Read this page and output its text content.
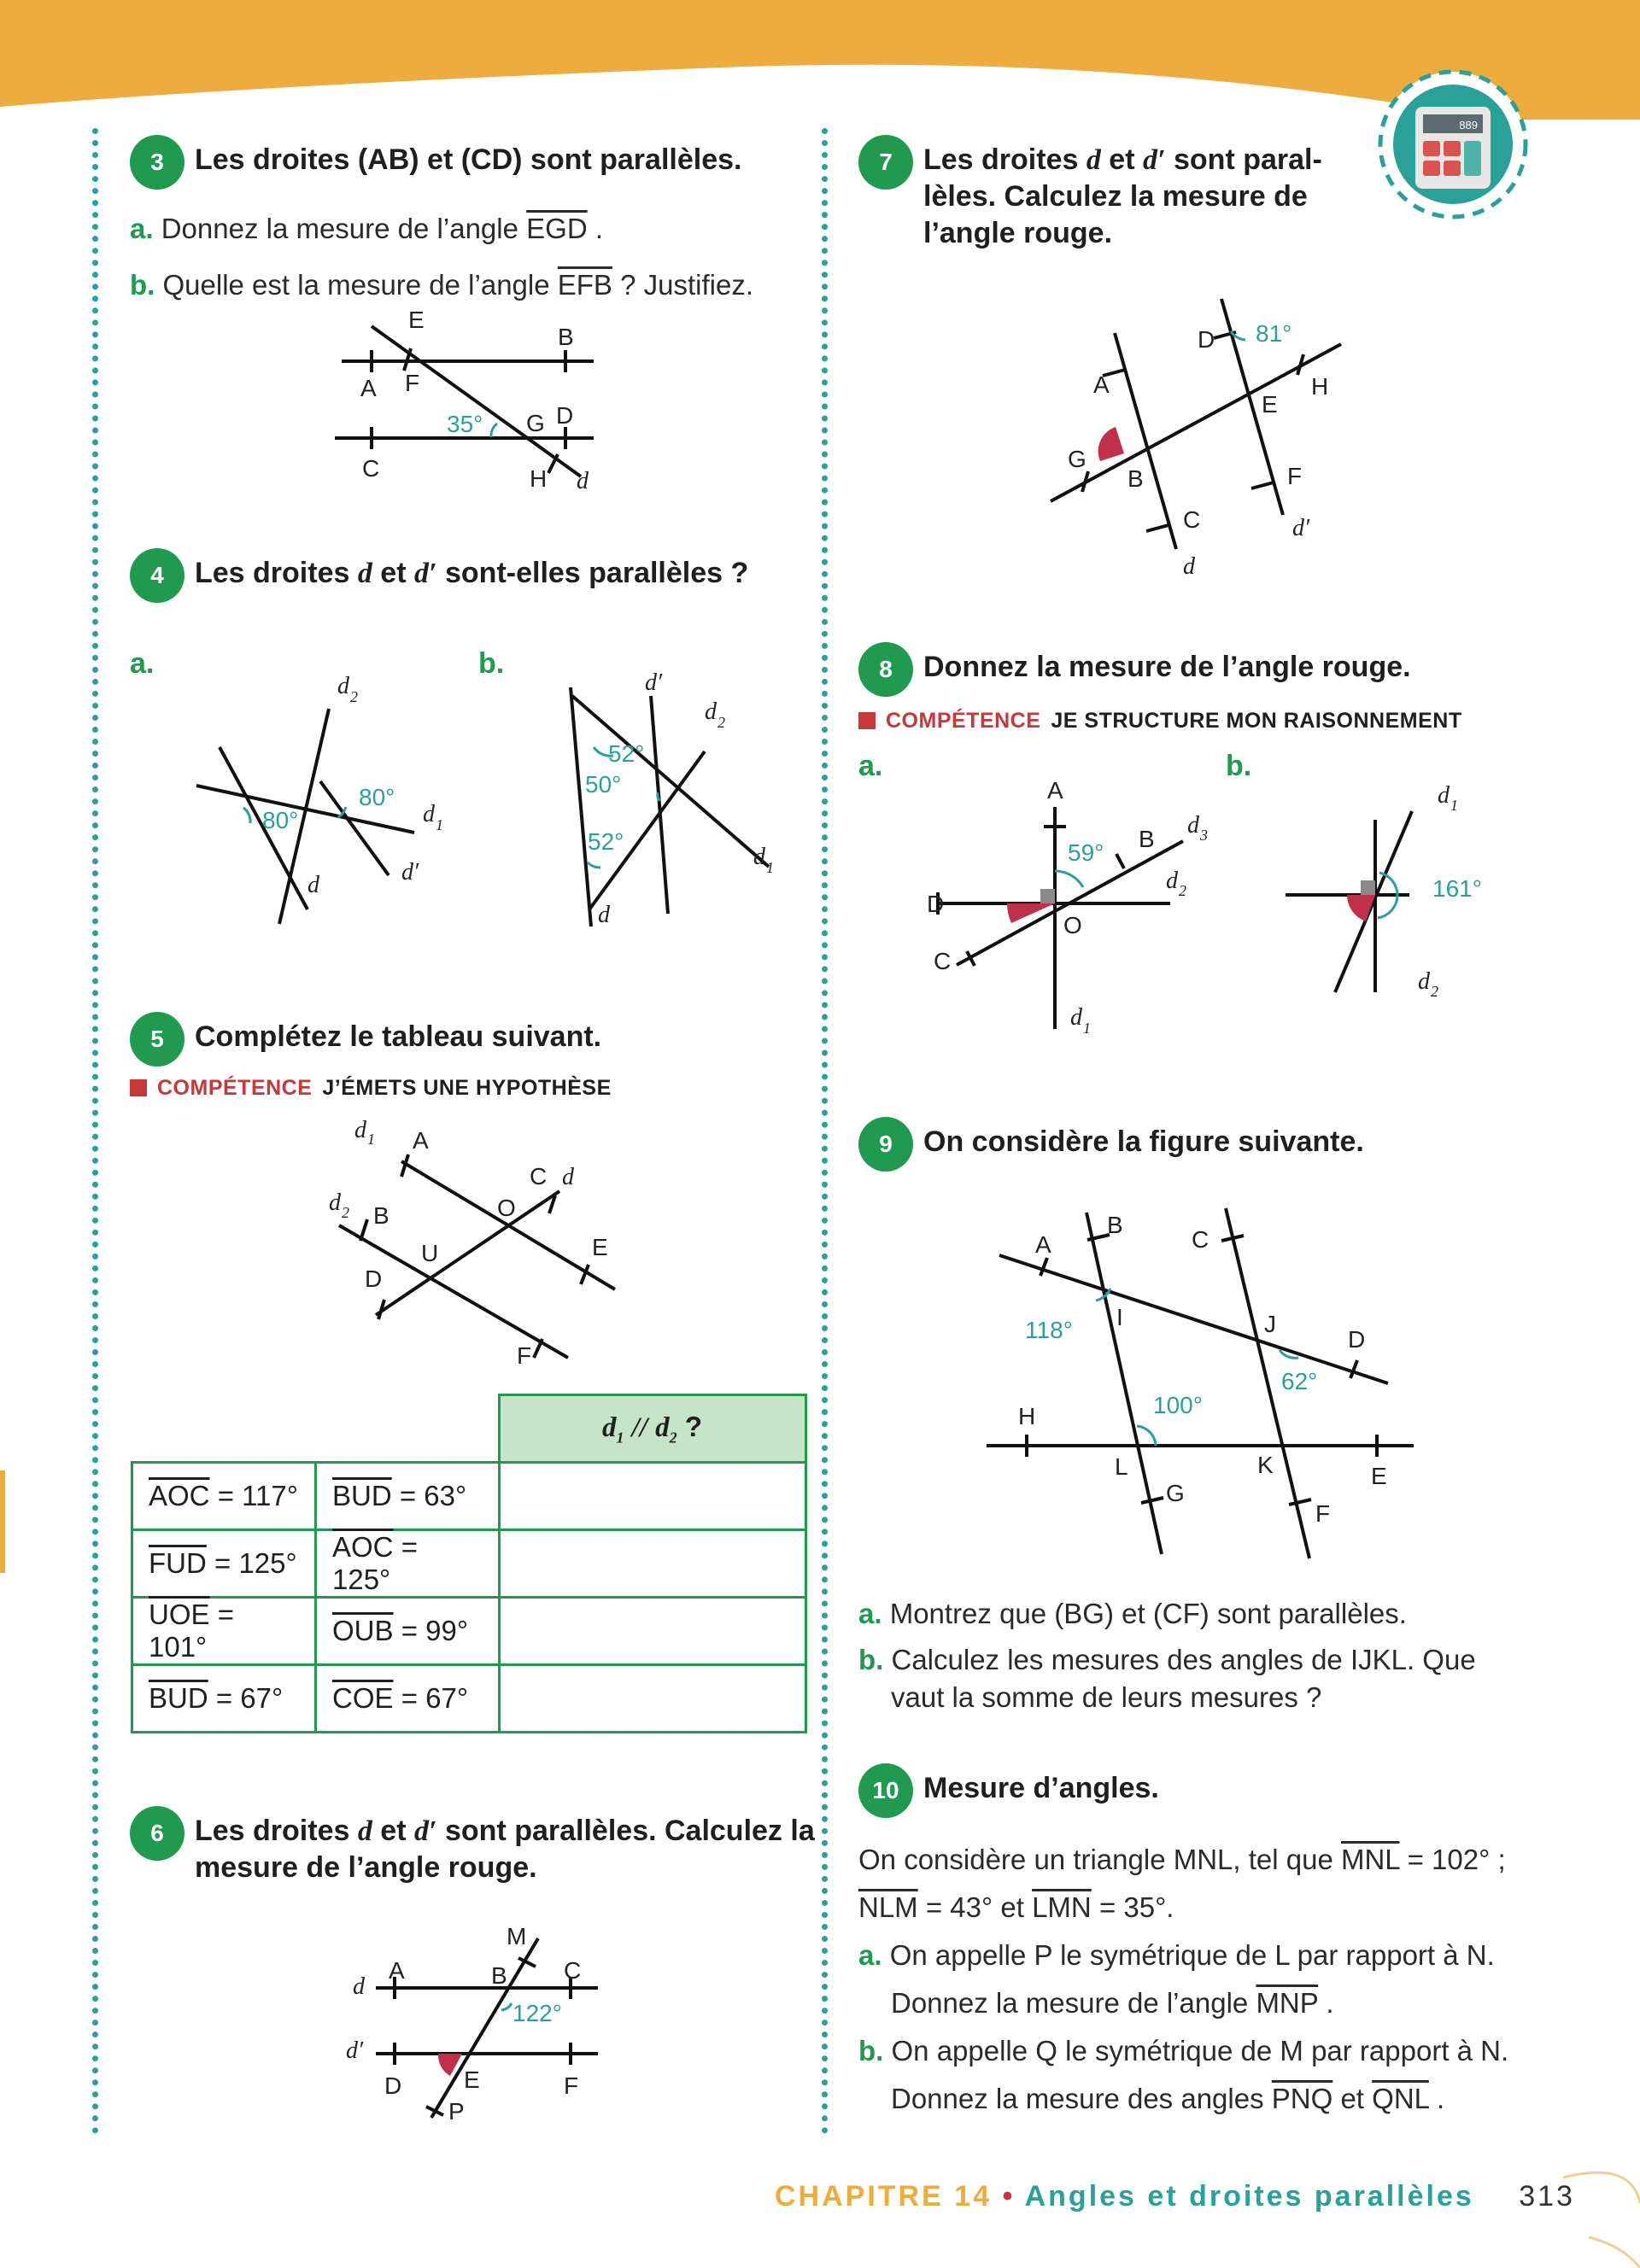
889
3	Les droites (AB) et (CD) sont parallèles.
a. Donnez la mesure de l’angle $\overline{EGD}$ .
b. Quelle est la mesure de l’angle $\overline{EFB}$ ? Justifiez.
E
B
A F
C
G D
H d
35°
4	Les droites d et d′ sont-elles parallèles ?
a.	b.
d 2
d 1
d	d′
80°
80°
d′
d 2
d 1
d
52°
50°
52°
5	Complétez le tableau suivant.
COMPÉTENCE J’ÉMETS UNE HYPOTHÈSE
d 1 A
C d
d 2 B	O
U	E
D
F
		$d_1 // d_2$ ?
$\overline{AOC} = 117^\circ$	$\overline{BUD} = 63^\circ$	
$\overline{FUD} = 125^\circ$	$\overline{AOC} = 125^\circ$	
$\overline{UOE} = 101^\circ$	$\overline{OUB} = 99^\circ$	
$\overline{BUD} = 67^\circ$	$\overline{COE} = 67^\circ$	
6	Les droites d et d′ sont parallèles. Calculez la
mesure de l’angle rouge.
M
A	B C
d
d′
D	E	F
P
122°
7	Les droites d et d′ sont paral-
lèles. Calculez la mesure de
l’angle rouge.
D 81°
A	H
E
G
B	F
C	d′
d
8	Donnez la mesure de l’angle rouge.
COMPÉTENCE JE STRUCTURE MON RAISONNEMENT
a.	b.
A
B
d 3
d 2
D
O
C
d 1
59°
d 1
d 2
161°
9	On considère la figure suivante.
A
B
C
I	J
D
H
L	K	E
G
F
118°
100°
62°
a. Montrez que (BG) et (CF) sont parallèles.
b. Calculez les mesures des angles de IJKL. Que
vaut la somme de leurs mesures ?
10 Mesure d’angles.
On considère un triangle MNL, tel que $\overline{MNL} = 102^\circ$ ;
$\overline{NLM} = 43^\circ$ et $\overline{LMN} = 35^\circ$.
a. On appelle P le symétrique de L par rapport à N.
Donnez la mesure de l’angle $\overline{MNP}$ .
b. On appelle Q le symétrique de M par rapport à N.
Donnez la mesure des angles $\overline{PNQ}$ et $\overline{QNL}$ .
CHAPITRE 14 • Angles et droites parallèles 313
